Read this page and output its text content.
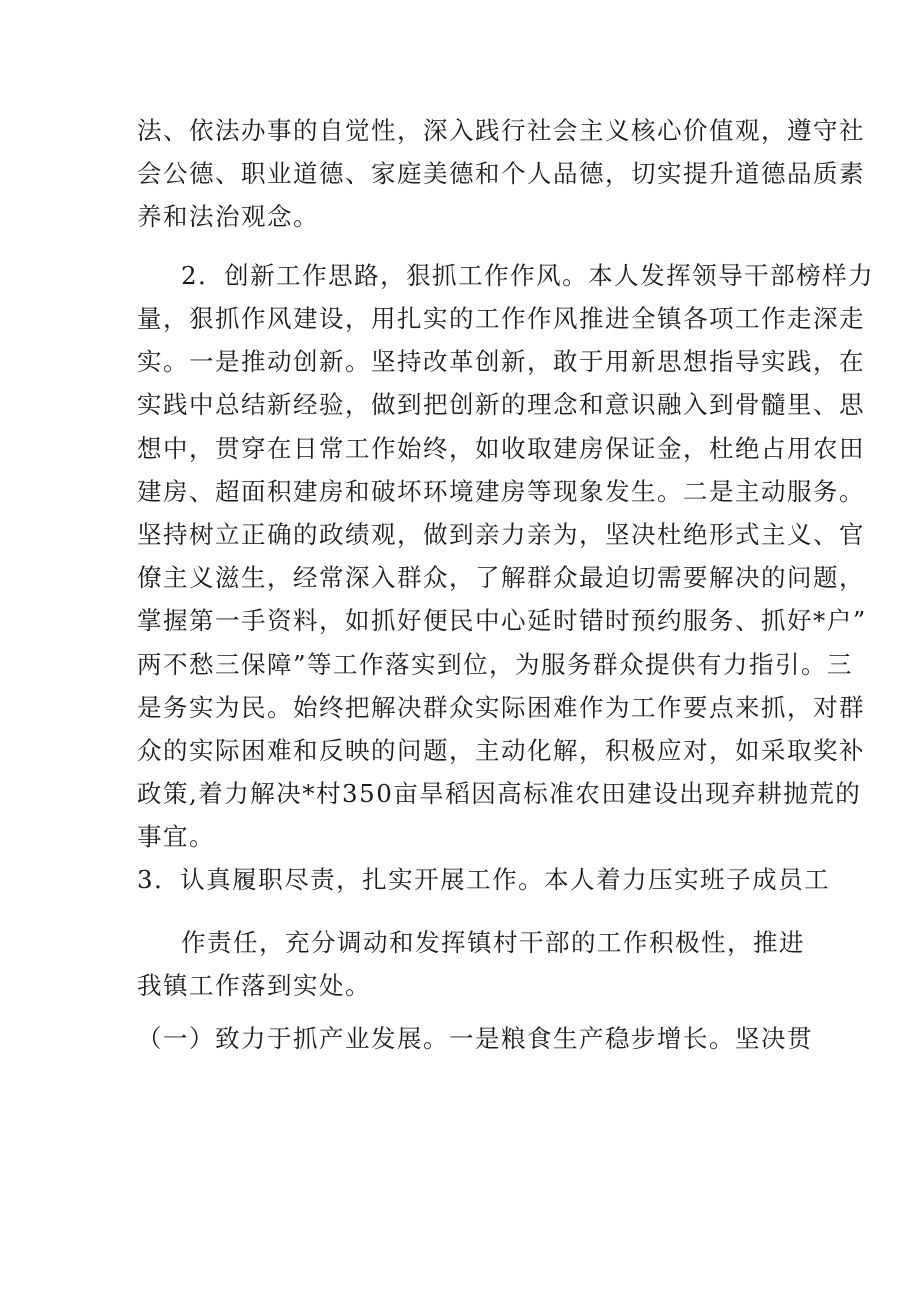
法、依法办事的自觉性，深入践行社会主义核心价值观，遵守社
会公德、职业道德、家庭美德和个人品德，切实提升道德品质素
养和法治观念。
2．创新工作思路，狠抓工作作风。本人发挥领导干部榜样力
量，狠抓作风建设，用扎实的工作作风推进全镇各项工作走深走
实。一是推动创新。坚持改革创新，敢于用新思想指导实践，在
实践中总结新经验，做到把创新的理念和意识融入到骨髓里、思
想中，贯穿在日常工作始终，如收取建房保证金，杜绝占用农田
建房、超面积建房和破坏环境建房等现象发生。二是主动服务。
坚持树立正确的政绩观，做到亲力亲为，坚决杜绝形式主义、官
僚主义滋生，经常深入群众，了解群众最迫切需要解决的问题，
掌握第一手资料，如抓好便民中心延时错时预约服务、抓好*户”
两不愁三保障”等工作落实到位，为服务群众提供有力指引。三
是务实为民。始终把解决群众实际困难作为工作要点来抓，对群
众的实际困难和反映的问题，主动化解，积极应对，如采取奖补
政策,着力解决*村350亩旱稻因高标准农田建设出现弃耕抛荒的
事宜。
3．认真履职尽责，扎实开展工作。本人着力压实班子成员工
作责任，充分调动和发挥镇村干部的工作积极性，推进
我镇工作落到实处。
（一）致力于抓产业发展。一是粮食生产稳步增长。坚决贯
